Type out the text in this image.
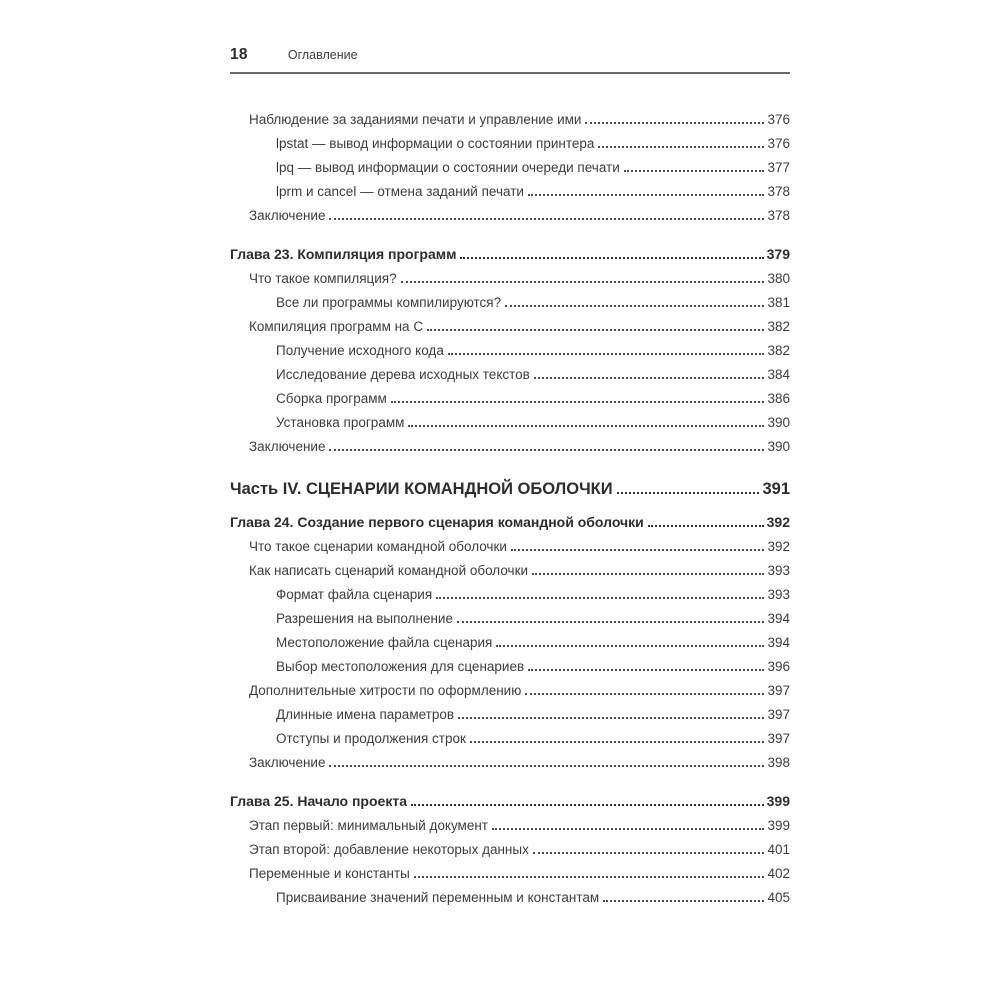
18	Оглавление
Наблюдение за заданиями печати и управление ими	376
lpstat — вывод информации о состоянии принтера	376
lpq — вывод информации о состоянии очереди печати	377
lprm и cancel — отмена заданий печати	378
Заключение	378
Глава 23. Компиляция программ	379
Что такое компиляция?	380
Все ли программы компилируются?	381
Компиляция программ на C	382
Получение исходного кода	382
Исследование дерева исходных текстов	384
Сборка программ	386
Установка программ	390
Заключение	390
Часть IV. СЦЕНАРИИ КОМАНДНОЙ ОБОЛОЧКИ	391
Глава 24. Создание первого сценария командной оболочки	392
Что такое сценарии командной оболочки	392
Как написать сценарий командной оболочки	393
Формат файла сценария	393
Разрешения на выполнение	394
Местоположение файла сценария	394
Выбор местоположения для сценариев	396
Дополнительные хитрости по оформлению	397
Длинные имена параметров	397
Отступы и продолжения строк	397
Заключение	398
Глава 25. Начало проекта	399
Этап первый: минимальный документ	399
Этап второй: добавление некоторых данных	401
Переменные и константы	402
Присваивание значений переменным и константам	405
